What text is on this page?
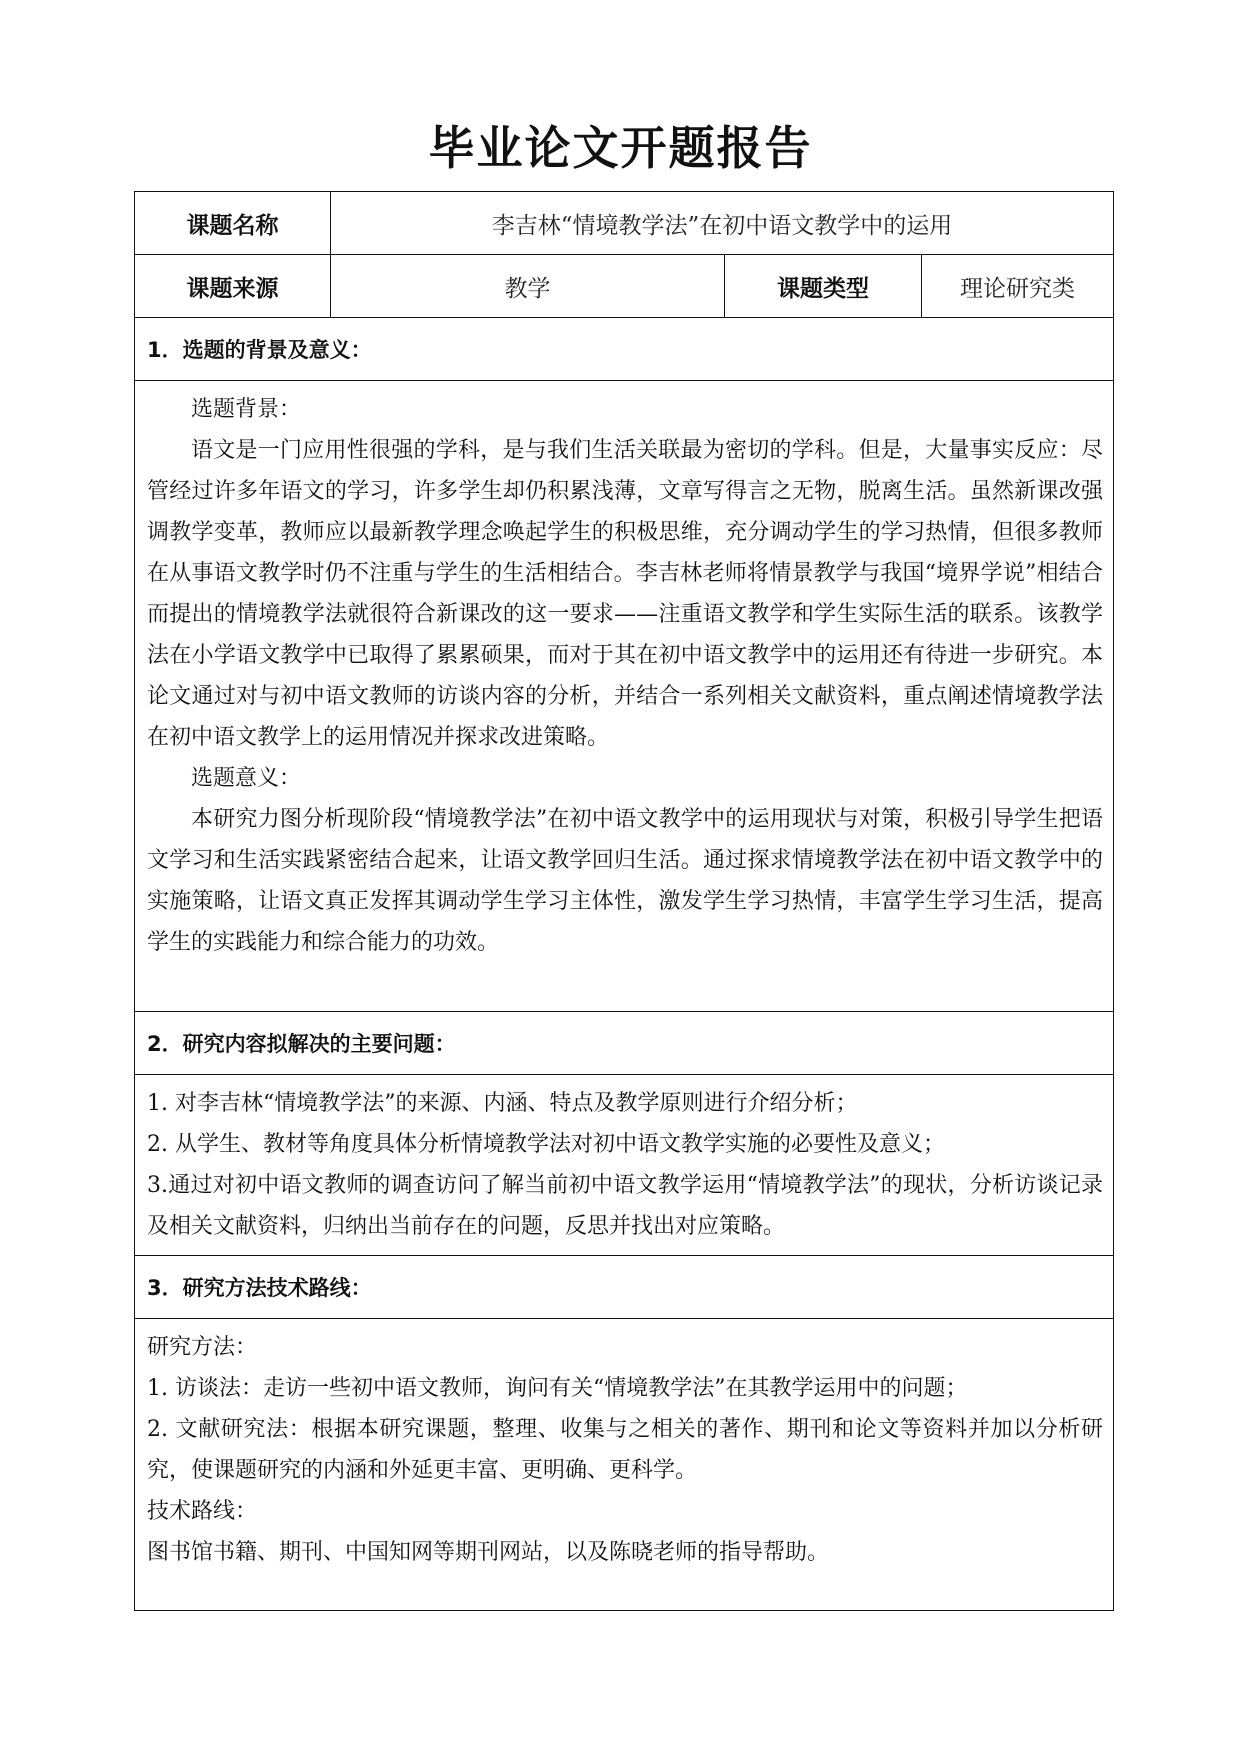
毕业论文开题报告
课题名称	李吉林“情境教学法”在初中语文教学中的运用		
课题来源	教学	课题类型	理论研究类
1．选题的背景及意义：			

选题背景：

语文是一门应用性很强的学科，是与我们生活关联最为密切的学科。但是，大量事实反应：尽管经过许多年语文的学习，许多学生却仍积累浅薄，文章写得言之无物，脱离生活。虽然新课改强调教学变革，教师应以最新教学理念唤起学生的积极思维，充分调动学生的学习热情，但很多教师在从事语文教学时仍不注重与学生的生活相结合。李吉林老师将情景教学与我国“境界学说”相结合而提出的情境教学法就很符合新课改的这一要求——注重语文教学和学生实际生活的联系。该教学法在小学语文教学中已取得了累累硕果，而对于其在初中语文教学中的运用还有待进一步研究。本论文通过对与初中语文教师的访谈内容的分析，并结合一系列相关文献资料，重点阐述情境教学法在初中语文教学上的运用情况并探求改进策略。

选题意义：

本研究力图分析现阶段“情境教学法”在初中语文教学中的运用现状与对策，积极引导学生把语文学习和生活实践紧密结合起来，让语文教学回归生活。通过探求情境教学法在初中语文教学中的实施策略，让语文真正发挥其调动学生学习主体性，激发学生学习热情，丰富学生学习生活，提高学生的实践能力和综合能力的功效。			

2．研究内容拟解决的主要问题：			

1. 对李吉林“情境教学法”的来源、内涵、特点及教学原则进行介绍分析；

2. 从学生、教材等角度具体分析情境教学法对初中语文教学实施的必要性及意义；

3.通过对初中语文教师的调查访问了解当前初中语文教学运用“情境教学法”的现状，分析访谈记录及相关文献资料，归纳出当前存在的问题，反思并找出对应策略。			

3．研究方法技术路线：			

研究方法：

1. 访谈法：走访一些初中语文教师，询问有关“情境教学法”在其教学运用中的问题；

2. 文献研究法：根据本研究课题，整理、收集与之相关的著作、期刊和论文等资料并加以分析研究，使课题研究的内涵和外延更丰富、更明确、更科学。

技术路线：

图书馆书籍、期刊、中国知网等期刊网站，以及陈晓老师的指导帮助。			
